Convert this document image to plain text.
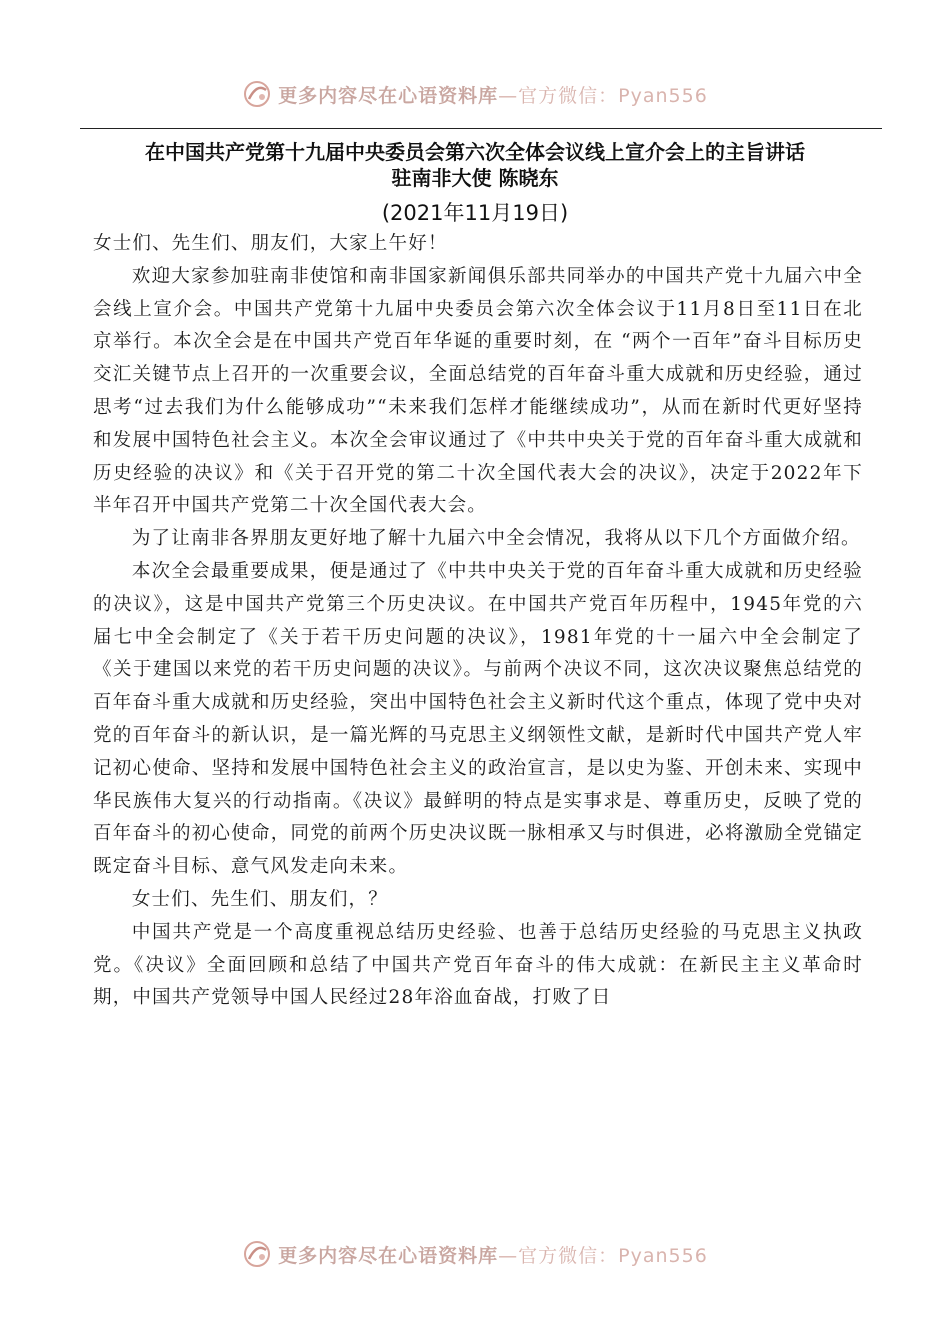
更多内容尽在心语资料库—官方微信：Pyan556
在中国共产党第十九届中央委员会第六次全体会议线上宣介会上的主旨讲话
驻南非大使 陈晓东
(2021年11月19日)

女士们、先生们、朋友们，大家上午好！

欢迎大家参加驻南非使馆和南非国家新闻俱乐部共同举办的中国共产党十九届六中全会线上宣介会。中国共产党第十九届中央委员会第六次全体会议于11月8日至11日在北京举行。本次全会是在中国共产党百年华诞的重要时刻，在 “两个一百年”奋斗目标历史交汇关键节点上召开的一次重要会议，全面总结党的百年奋斗重大成就和历史经验，通过思考“过去我们为什么能够成功”“未来我们怎样才能继续成功”，从而在新时代更好坚持和发展中国特色社会主义。本次全会审议通过了《中共中央关于党的百年奋斗重大成就和历史经验的决议》和《关于召开党的第二十次全国代表大会的决议》，决定于2022年下半年召开中国共产党第二十次全国代表大会。

为了让南非各界朋友更好地了解十九届六中全会情况，我将从以下几个方面做介绍。

本次全会最重要成果，便是通过了《中共中央关于党的百年奋斗重大成就和历史经验的决议》，这是中国共产党第三个历史决议。在中国共产党百年历程中，1945年党的六届七中全会制定了《关于若干历史问题的决议》，1981年党的十一届六中全会制定了《关于建国以来党的若干历史问题的决议》。与前两个决议不同，这次决议聚焦总结党的百年奋斗重大成就和历史经验，突出中国特色社会主义新时代这个重点，体现了党中央对党的百年奋斗的新认识，是一篇光辉的马克思主义纲领性文献，是新时代中国共产党人牢记初心使命、坚持和发展中国特色社会主义的政治宣言，是以史为鉴、开创未来、实现中华民族伟大复兴的行动指南。《决议》最鲜明的特点是实事求是、尊重历史，反映了党的百年奋斗的初心使命，同党的前两个历史决议既一脉相承又与时俱进，必将激励全党锚定既定奋斗目标、意气风发走向未来。

女士们、先生们、朋友们，？

中国共产党是一个高度重视总结历史经验、也善于总结历史经验的马克思主义执政党。《决议》全面回顾和总结了中国共产党百年奋斗的伟大成就：在新民主主义革命时期，中国共产党领导中国人民经过28年浴血奋战，打败了日

更多内容尽在心语资料库—官方微信：Pyan556
